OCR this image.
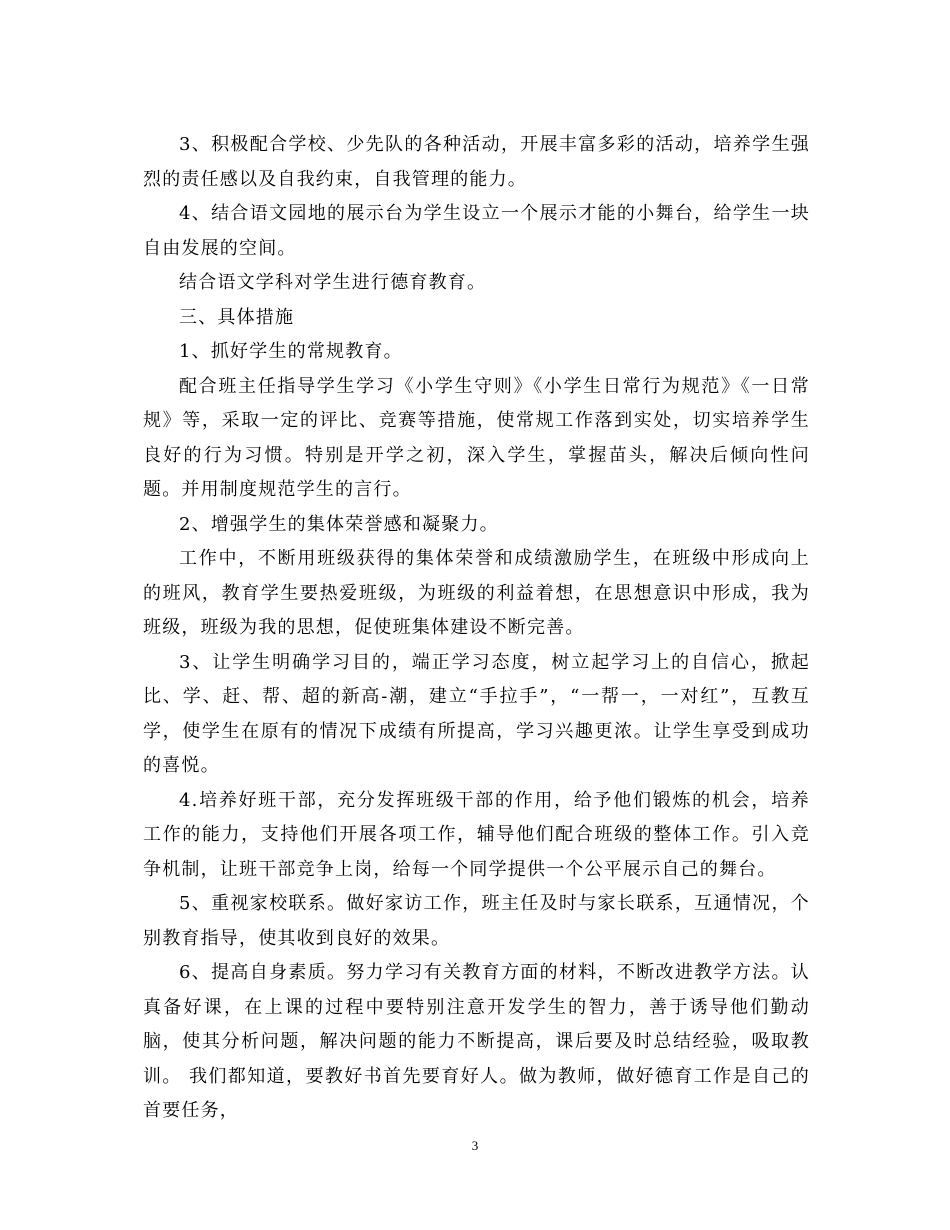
3、积极配合学校、少先队的各种活动，开展丰富多彩的活动，培养学生强烈的责任感以及自我约束，自我管理的能力。

4、结合语文园地的展示台为学生设立一个展示才能的小舞台，给学生一块自由发展的空间。

结合语文学科对学生进行德育教育。

三、具体措施

1、抓好学生的常规教育。

配合班主任指导学生学习《小学生守则》《小学生日常行为规范》《一日常规》等，采取一定的评比、竞赛等措施，使常规工作落到实处，切实培养学生良好的行为习惯。特别是开学之初，深入学生，掌握苗头，解决后倾向性问题。并用制度规范学生的言行。

2、增强学生的集体荣誉感和凝聚力。

工作中，不断用班级获得的集体荣誉和成绩激励学生，在班级中形成向上的班风，教育学生要热爱班级，为班级的利益着想，在思想意识中形成，我为班级，班级为我的思想，促使班集体建设不断完善。

3、让学生明确学习目的，端正学习态度，树立起学习上的自信心，掀起比、学、赶、帮、超的新高-潮，建立“手拉手”，“一帮一，一对红”，互教互学，使学生在原有的情况下成绩有所提高，学习兴趣更浓。让学生享受到成功的喜悦。

4.培养好班干部，充分发挥班级干部的作用，给予他们锻炼的机会，培养工作的能力，支持他们开展各项工作，辅导他们配合班级的整体工作。引入竞争机制，让班干部竞争上岗，给每一个同学提供一个公平展示自己的舞台。

5、重视家校联系。做好家访工作，班主任及时与家长联系，互通情况，个别教育指导，使其收到良好的效果。

6、提高自身素质。努力学习有关教育方面的材料，不断改进教学方法。认真备好课，在上课的过程中要特别注意开发学生的智力，善于诱导他们勤动脑，使其分析问题，解决问题的能力不断提高，课后要及时总结经验，吸取教训。 我们都知道，要教好书首先要育好人。做为教师，做好德育工作是自己的首要任务，

3
